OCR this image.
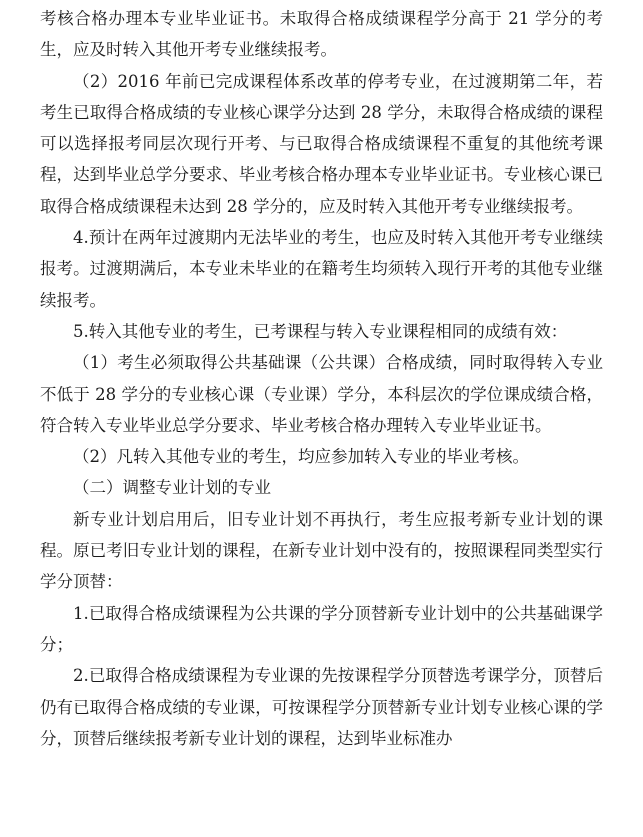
考核合格办理本专业毕业证书。未取得合格成绩课程学分高于 21 学分的考生，应及时转入其他开考专业继续报考。

（2）2016 年前已完成课程体系改革的停考专业，在过渡期第二年，若考生已取得合格成绩的专业核心课学分达到 28 学分，未取得合格成绩的课程可以选择报考同层次现行开考、与已取得合格成绩课程不重复的其他统考课程，达到毕业总学分要求、毕业考核合格办理本专业毕业证书。专业核心课已取得合格成绩课程未达到 28 学分的，应及时转入其他开考专业继续报考。

4.预计在两年过渡期内无法毕业的考生，也应及时转入其他开考专业继续报考。过渡期满后，本专业未毕业的在籍考生均须转入现行开考的其他专业继续报考。

5.转入其他专业的考生，已考课程与转入专业课程相同的成绩有效：

（1）考生必须取得公共基础课（公共课）合格成绩，同时取得转入专业不低于 28 学分的专业核心课（专业课）学分，本科层次的学位课成绩合格，符合转入专业毕业总学分要求、毕业考核合格办理转入专业毕业证书。

（2）凡转入其他专业的考生，均应参加转入专业的毕业考核。

（二）调整专业计划的专业

新专业计划启用后，旧专业计划不再执行，考生应报考新专业计划的课程。原已考旧专业计划的课程，在新专业计划中没有的，按照课程同类型实行学分顶替：

1.已取得合格成绩课程为公共课的学分顶替新专业计划中的公共基础课学分；

2.已取得合格成绩课程为专业课的先按课程学分顶替选考课学分，顶替后仍有已取得合格成绩的专业课，可按课程学分顶替新专业计划专业核心课的学分，顶替后继续报考新专业计划的课程，达到毕业标准办
